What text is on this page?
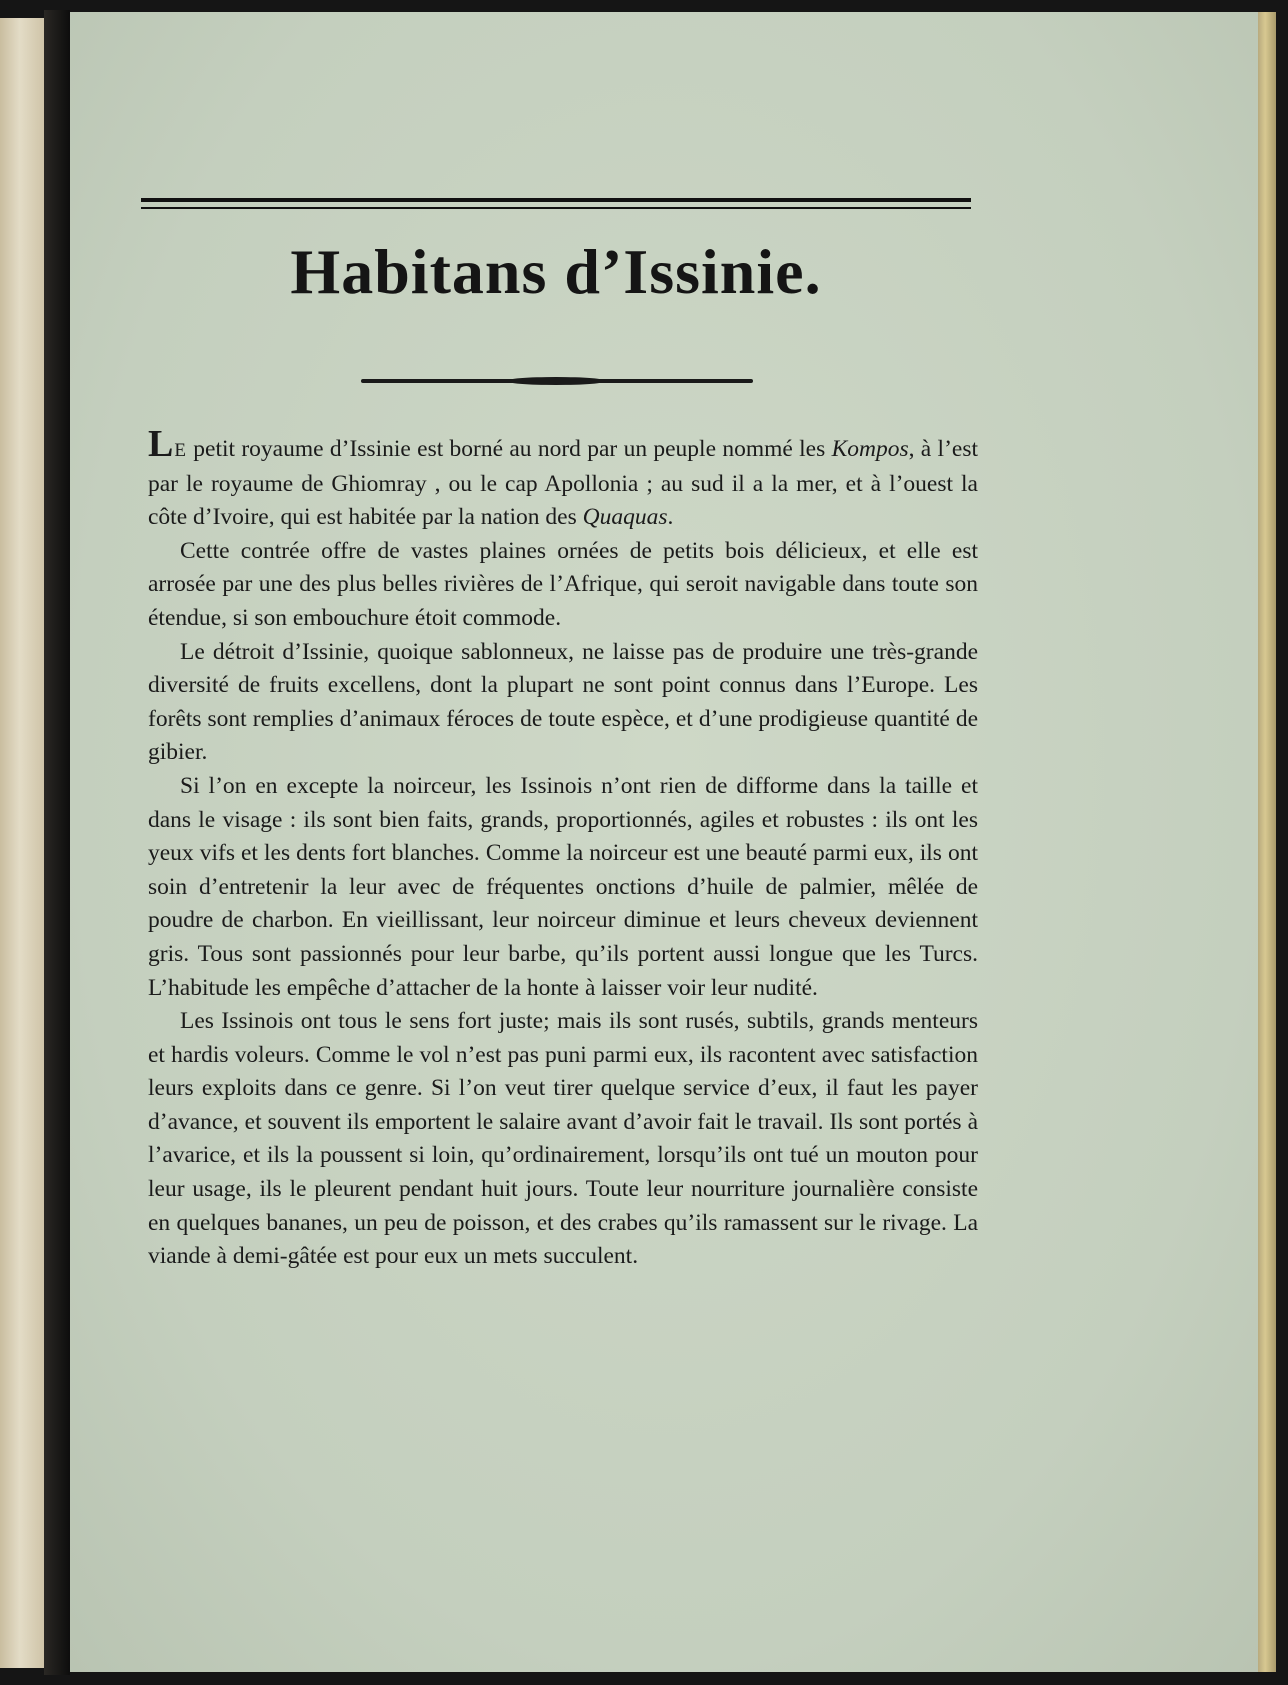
Habitans d’Issinie.

LE petit royaume d’Issinie est borné au nord par un peuple nommé les Kompos, à l’est par le royaume de Ghiomray , ou le cap Apollonia ; au sud il a la mer, et à l’ouest la côte d’Ivoire, qui est habitée par la nation des Quaquas.

Cette contrée offre de vastes plaines ornées de petits bois délicieux, et elle est arrosée par une des plus belles rivières de l’Afrique, qui seroit navigable dans toute son étendue, si son embouchure étoit commode.

Le détroit d’Issinie, quoique sablonneux, ne laisse pas de produire une très-grande diversité de fruits excellens, dont la plupart ne sont point connus dans l’Europe. Les forêts sont remplies d’animaux féroces de toute espèce, et d’une prodigieuse quantité de gibier.

Si l’on en excepte la noirceur, les Issinois n’ont rien de difforme dans la taille et dans le visage : ils sont bien faits, grands, proportionnés, agiles et robustes : ils ont les yeux vifs et les dents fort blanches. Comme la noirceur est une beauté parmi eux, ils ont soin d’entretenir la leur avec de fréquentes onctions d’huile de palmier, mêlée de poudre de charbon. En vieillissant, leur noirceur diminue et leurs cheveux deviennent gris. Tous sont passionnés pour leur barbe, qu’ils portent aussi longue que les Turcs. L’habitude les empêche d’attacher de la honte à laisser voir leur nudité.

Les Issinois ont tous le sens fort juste; mais ils sont rusés, subtils, grands menteurs et hardis voleurs. Comme le vol n’est pas puni parmi eux, ils racontent avec satisfaction leurs exploits dans ce genre. Si l’on veut tirer quelque service d’eux, il faut les payer d’avance, et souvent ils emportent le salaire avant d’avoir fait le travail. Ils sont portés à l’avarice, et ils la poussent si loin, qu’ordinairement, lorsqu’ils ont tué un mouton pour leur usage, ils le pleurent pendant huit jours. Toute leur nourriture journalière consiste en quelques bananes, un peu de poisson, et des crabes qu’ils ramassent sur le rivage. La viande à demi-gâtée est pour eux un mets succulent.
